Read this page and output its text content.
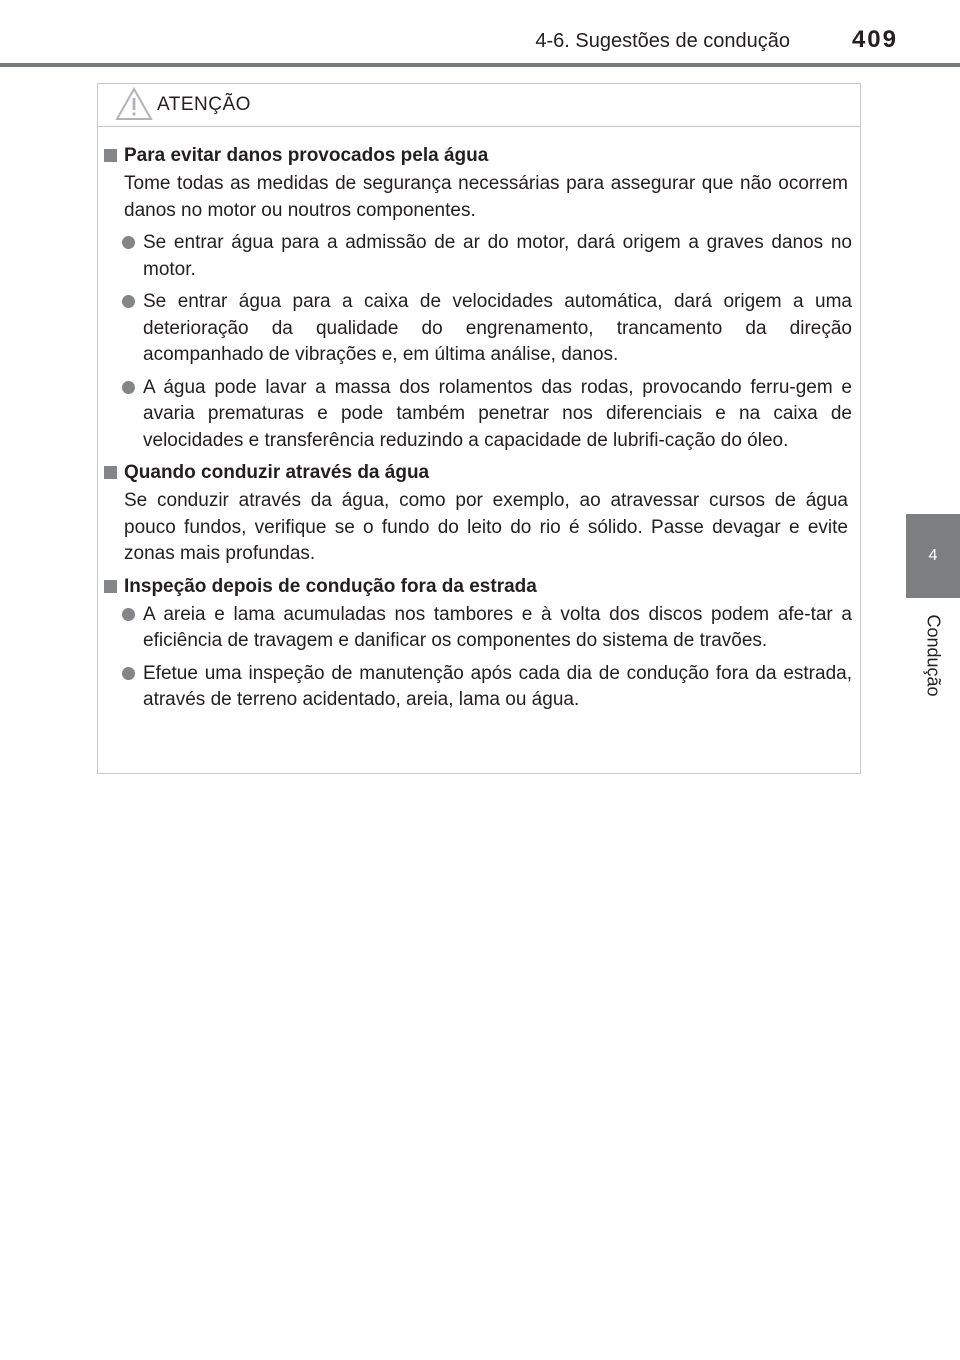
4-6. Sugestões de condução	409
4
Condução
ATENÇÃO
Para evitar danos provocados pela água
Tome todas as medidas de segurança necessárias para assegurar que não ocorrem danos no motor ou noutros componentes.
Se entrar água para a admissão de ar do motor, dará origem a graves danos no motor.
Se entrar água para a caixa de velocidades automática, dará origem a uma deterioração da qualidade do engrenamento, trancamento da direção acompanhado de vibrações e, em última análise, danos.
A água pode lavar a massa dos rolamentos das rodas, provocando ferru-gem e avaria prematuras e pode também penetrar nos diferenciais e na caixa de velocidades e transferência reduzindo a capacidade de lubrifi-cação do óleo.
Quando conduzir através da água
Se conduzir através da água, como por exemplo, ao atravessar cursos de água pouco fundos, verifique se o fundo do leito do rio é sólido. Passe devagar e evite zonas mais profundas.
Inspeção depois de condução fora da estrada
A areia e lama acumuladas nos tambores e à volta dos discos podem afe-tar a eficiência de travagem e danificar os componentes do sistema de travões.
Efetue uma inspeção de manutenção após cada dia de condução fora da estrada, através de terreno acidentado, areia, lama ou água.
